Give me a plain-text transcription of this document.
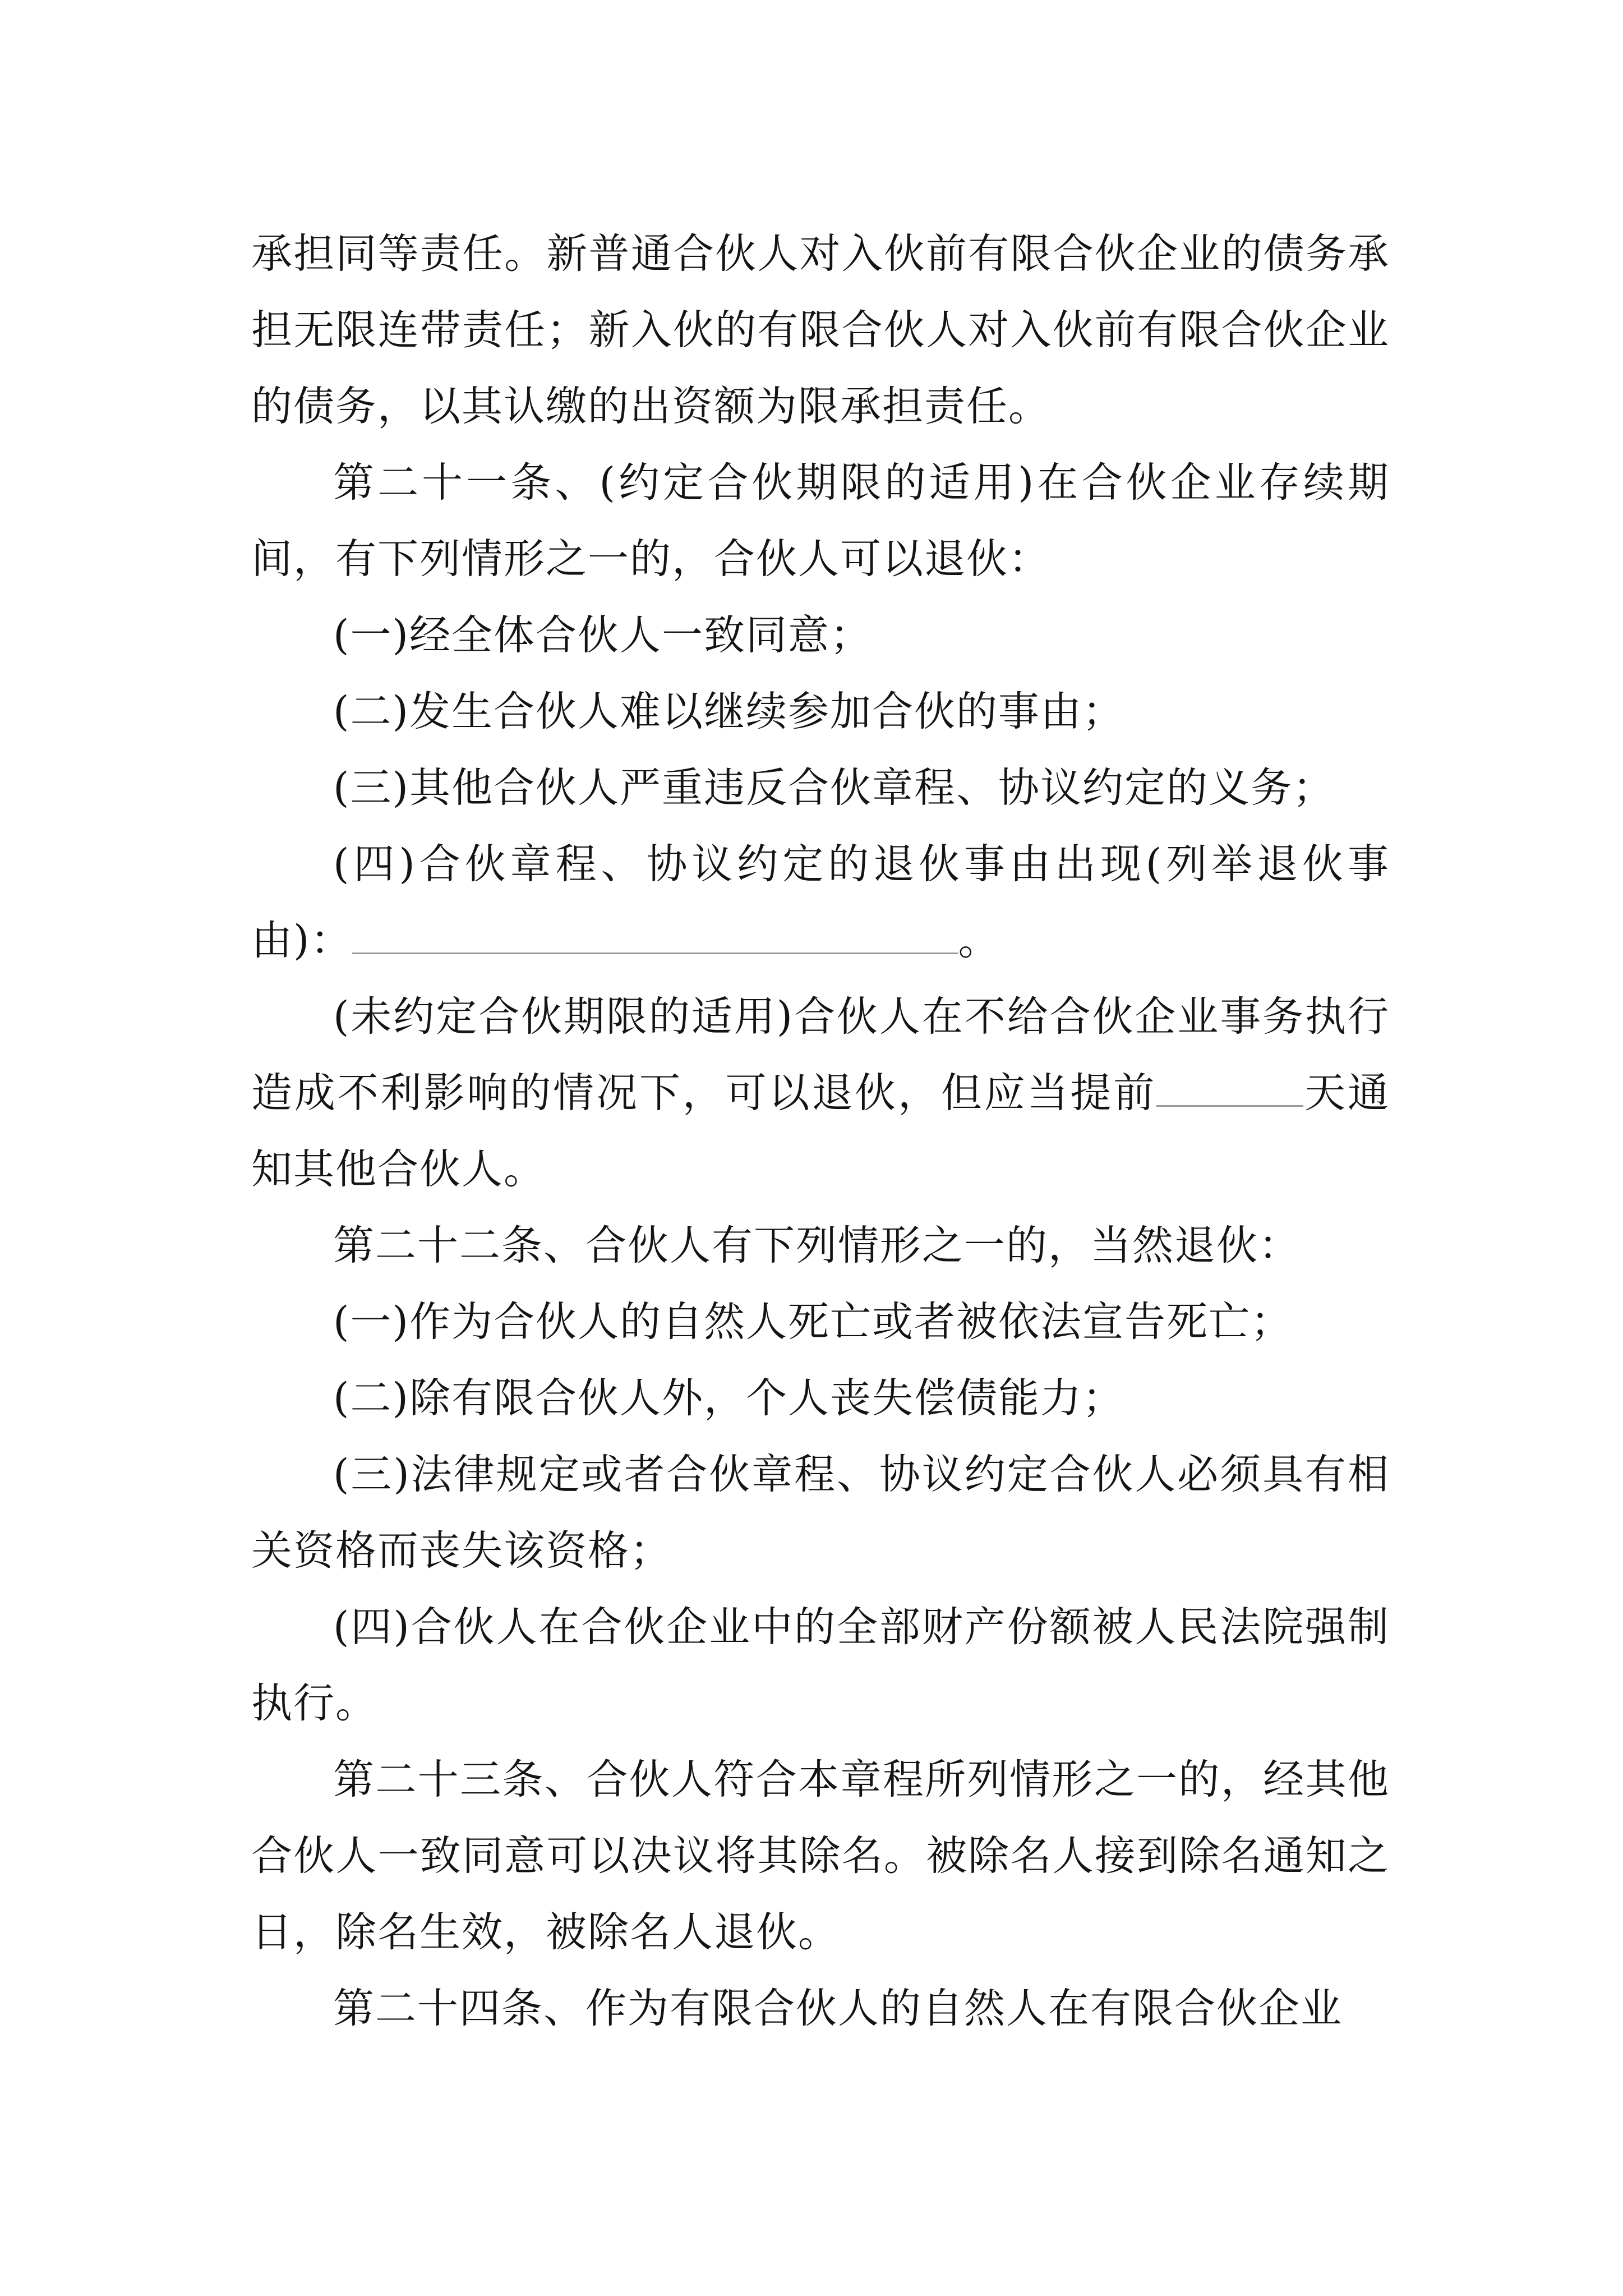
承担同等责任。新普通合伙人对入伙前有限合伙企业的债务承担无限连带责任；新入伙的有限合伙人对入伙前有限合伙企业的债务，以其认缴的出资额为限承担责任。

第二十一条、(约定合伙期限的适用)在合伙企业存续期间，有下列情形之一的，合伙人可以退伙：

(一)经全体合伙人一致同意；

(二)发生合伙人难以继续参加合伙的事由；

(三)其他合伙人严重违反合伙章程、协议约定的义务；

(四)合伙章程、协议约定的退伙事由出现(列举退伙事由)：	。

(未约定合伙期限的适用)合伙人在不给合伙企业事务执行造成不利影响的情况下，可以退伙，但应当提前	天通知其他合伙人。

第二十二条、合伙人有下列情形之一的，当然退伙：

(一)作为合伙人的自然人死亡或者被依法宣告死亡；

(二)除有限合伙人外，个人丧失偿债能力；

(三)法律规定或者合伙章程、协议约定合伙人必须具有相关资格而丧失该资格；

(四)合伙人在合伙企业中的全部财产份额被人民法院强制执行。

第二十三条、合伙人符合本章程所列情形之一的，经其他合伙人一致同意可以决议将其除名。被除名人接到除名通知之日，除名生效，被除名人退伙。

第二十四条、作为有限合伙人的自然人在有限合伙企业
